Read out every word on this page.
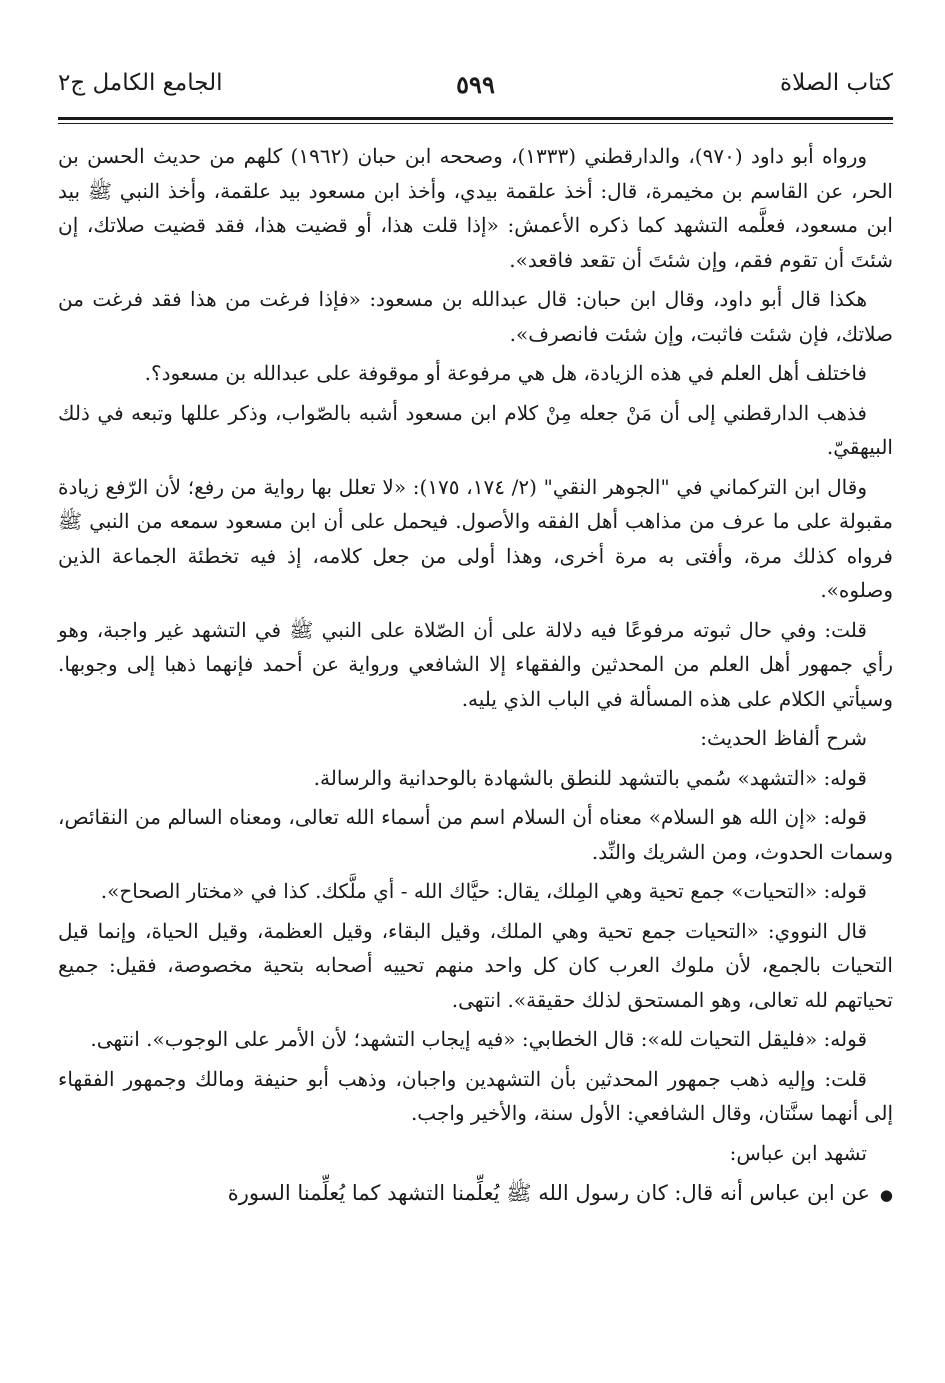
كتاب الصلاة
٥٩٩
الجامع الكامل ج٢

ورواه أبو داود (٩٧٠)، والدارقطني (١٣٣٣)، وصححه ابن حبان (١٩٦٢) كلهم من حديث الحسن بن الحر، عن القاسم بن مخيمرة، قال: أخذ علقمة بيدي، وأخذ ابن مسعود بيد علقمة، وأخذ النبي ﷺ بيد ابن مسعود، فعلَّمه التشهد كما ذكره الأعمش: «إذا قلت هذا، أو قضيت هذا، فقد قضيت صلاتك، إن شئتَ أن تقوم فقم، وإن شئتَ أن تقعد فاقعد».

هكذا قال أبو داود، وقال ابن حبان: قال عبدالله بن مسعود: «فإذا فرغت من هذا فقد فرغت من صلاتك، فإن شئت فاثبت، وإن شئت فانصرف».

فاختلف أهل العلم في هذه الزيادة، هل هي مرفوعة أو موقوفة على عبدالله بن مسعود؟.

فذهب الدارقطني إلى أن مَنْ جعله مِنْ كلام ابن مسعود أشبه بالصّواب، وذكر عللها وتبعه في ذلك البيهقيّ.

وقال ابن التركماني في "الجوهر النقي" (٢/ ١٧٤، ١٧٥): «لا تعلل بها رواية من رفع؛ لأن الرّفع زيادة مقبولة على ما عرف من مذاهب أهل الفقه والأصول. فيحمل على أن ابن مسعود سمعه من النبي ﷺ فرواه كذلك مرة، وأفتى به مرة أخرى، وهذا أولى من جعل كلامه، إذ فيه تخطئة الجماعة الذين وصلوه».

قلت: وفي حال ثبوته مرفوعًا فيه دلالة على أن الصّلاة على النبي ﷺ في التشهد غير واجبة، وهو رأي جمهور أهل العلم من المحدثين والفقهاء إلا الشافعي ورواية عن أحمد فإنهما ذهبا إلى وجوبها. وسيأتي الكلام على هذه المسألة في الباب الذي يليه.

شرح ألفاظ الحديث:

قوله: «التشهد» سُمي بالتشهد للنطق بالشهادة بالوحدانية والرسالة.

قوله: «إن الله هو السلام» معناه أن السلام اسم من أسماء الله تعالى، ومعناه السالم من النقائص، وسمات الحدوث، ومن الشريك والنِّد.

قوله: «التحيات» جمع تحية وهي المِلك، يقال: حيَّاك الله - أي ملَّكك. كذا في «مختار الصحاح».

قال النووي: «التحيات جمع تحية وهي الملك، وقيل البقاء، وقيل العظمة، وقيل الحياة، وإنما قيل التحيات بالجمع، لأن ملوك العرب كان كل واحد منهم تحييه أصحابه بتحية مخصوصة، فقيل: جميع تحياتهم لله تعالى، وهو المستحق لذلك حقيقة». انتهى.

قوله: «فليقل التحيات لله»: قال الخطابي: «فيه إيجاب التشهد؛ لأن الأمر على الوجوب». انتهى.

قلت: وإليه ذهب جمهور المحدثين بأن التشهدين واجبان، وذهب أبو حنيفة ومالك وجمهور الفقهاء إلى أنهما سنَّتان، وقال الشافعي: الأول سنة، والأخير واجب.

تشهد ابن عباس:

●عن ابن عباس أنه قال: كان رسول الله ﷺ يُعلِّمنا التشهد كما يُعلِّمنا السورة
